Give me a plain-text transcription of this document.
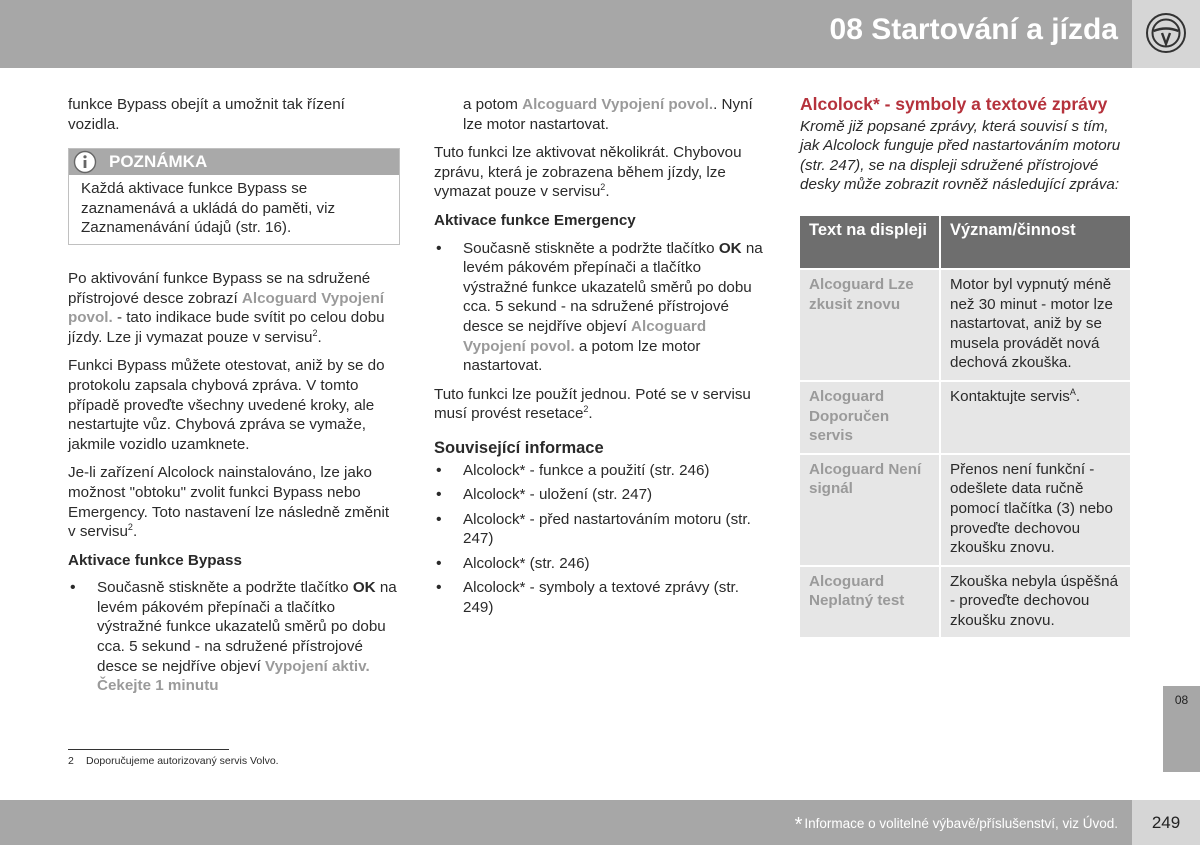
08 Startování a jízda

funkce Bypass obejít a umožnit tak řízení vozidla.

POZNÁMKA
Každá aktivace funkce Bypass se zaznamenává a ukládá do paměti, viz Zaznamenávání údajů (str. 16).

Po aktivování funkce Bypass se na sdružené přístrojové desce zobrazí Alcoguard Vypojení povol. - tato indikace bude svítit po celou dobu jízdy. Lze ji vymazat pouze v servisu$^2$.

Funkci Bypass můžete otestovat, aniž by se do protokolu zapsala chybová zpráva. V tomto případě proveďte všechny uvedené kroky, ale nestartujte vůz. Chybová zpráva se vymaže, jakmile vozidlo uzamknete.

Je-li zařízení Alcolock nainstalováno, lze jako možnost "obtoku" zvolit funkci Bypass nebo Emergency. Toto nastavení lze následně změnit v servisu$^2$.

Aktivace funkce Bypass
• Současně stiskněte a podržte tlačítko OK na levém pákovém přepínači a tlačítko výstražné funkce ukazatelů směrů po dobu cca. 5 sekund - na sdružené přístrojové desce se nejdříve objeví Vypojení aktiv. Čekejte 1 minutu

a potom Alcoguard Vypojení povol.. Nyní lze motor nastartovat.

Tuto funkci lze aktivovat několikrát. Chybovou zprávu, která je zobrazena během jízdy, lze vymazat pouze v servisu$^2$.

Aktivace funkce Emergency
• Současně stiskněte a podržte tlačítko OK na levém pákovém přepínači a tlačítko výstražné funkce ukazatelů směrů po dobu cca. 5 sekund - na sdružené přístrojové desce se nejdříve objeví Alcoguard Vypojení povol. a potom lze motor nastartovat.

Tuto funkci lze použít jednou. Poté se v servisu musí provést resetace$^2$.

Související informace
• Alcolock* - funkce a použití (str. 246)
• Alcolock* - uložení (str. 247)
• Alcolock* - před nastartováním motoru (str. 247)
• Alcolock* (str. 246)
• Alcolock* - symboly a textové zprávy (str. 249)
Alcolock* - symboly a textové zprávy

Kromě již popsané zprávy, která souvisí s tím, jak Alcolock funguje před nastartováním motoru (str. 247), se na displeji sdružené přístrojové desky může zobrazit rovněž následující zpráva:

Text na displeji	Význam/činnost
Alcoguard Lze zkusit znovu	Motor byl vypnutý méně než 30 minut - motor lze nastartovat, aniž by se musela provádět nová dechová zkouška.
Alcoguard Doporučen servis	Kontaktujte servis$^A$.
Alcoguard Není signál	Přenos není funkční - odešlete data ručně pomocí tlačítka (3) nebo proveďte dechovou zkoušku znovu.
Alcoguard Neplatný test	Zkouška nebyla úspěšná - proveďte dechovou zkoušku znovu.
08
2 Doporučujeme autorizovaný servis Volvo.
* Informace o volitelné výbavě/příslušenství, viz Úvod.	249
